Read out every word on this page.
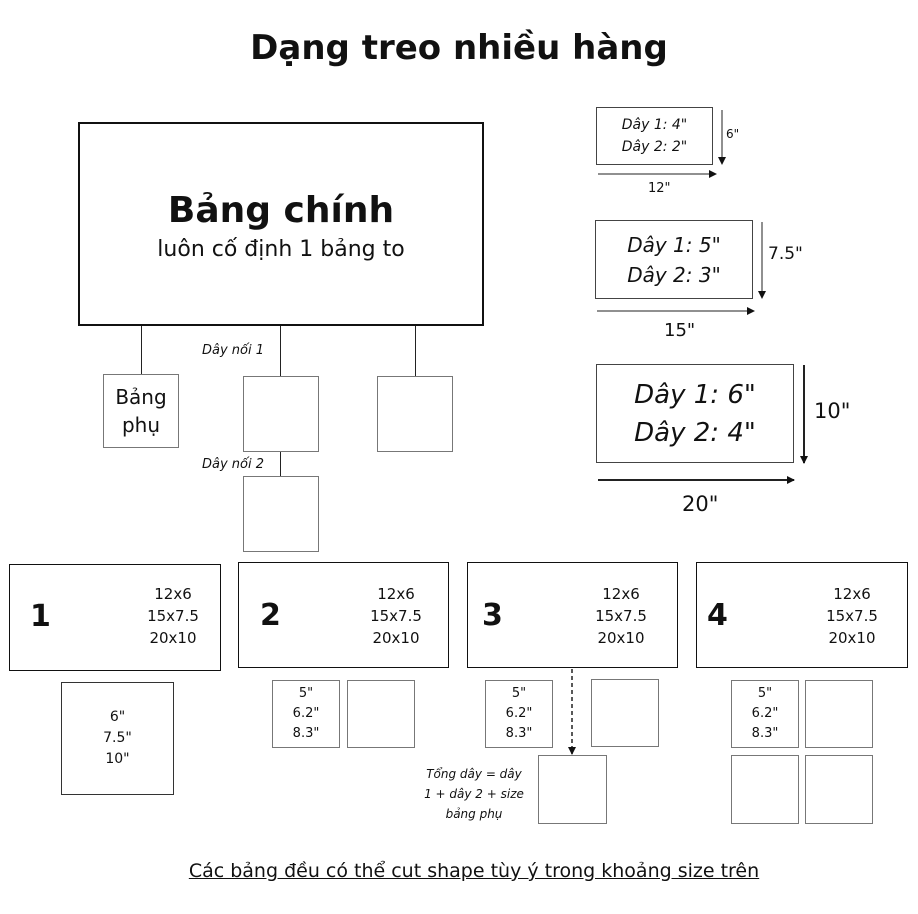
Dạng treo nhiều hàng
Bảng chính
luôn cố định 1 bảng to
Dây nối 1
Dây nối 2
Bảng phụ
Dây 1: 4"
Dây 2: 2"
6"
12"
Dây 1: 5"
Dây 2: 3"
7.5"
15"
Dây 1: 6"
Dây 2: 4"
10"
20"
1
12x6
15x7.5
20x10
6"
7.5"
10"
2
12x6
15x7.5
20x10
5"
6.2"
8.3"
3
12x6
15x7.5
20x10
5"
6.2"
8.3"
Tổng dây = dây
1 + dây 2 + size
bảng phụ
4
12x6
15x7.5
20x10
5"
6.2"
8.3"
Các bảng đều có thể cut shape tùy ý trong khoảng size trên
